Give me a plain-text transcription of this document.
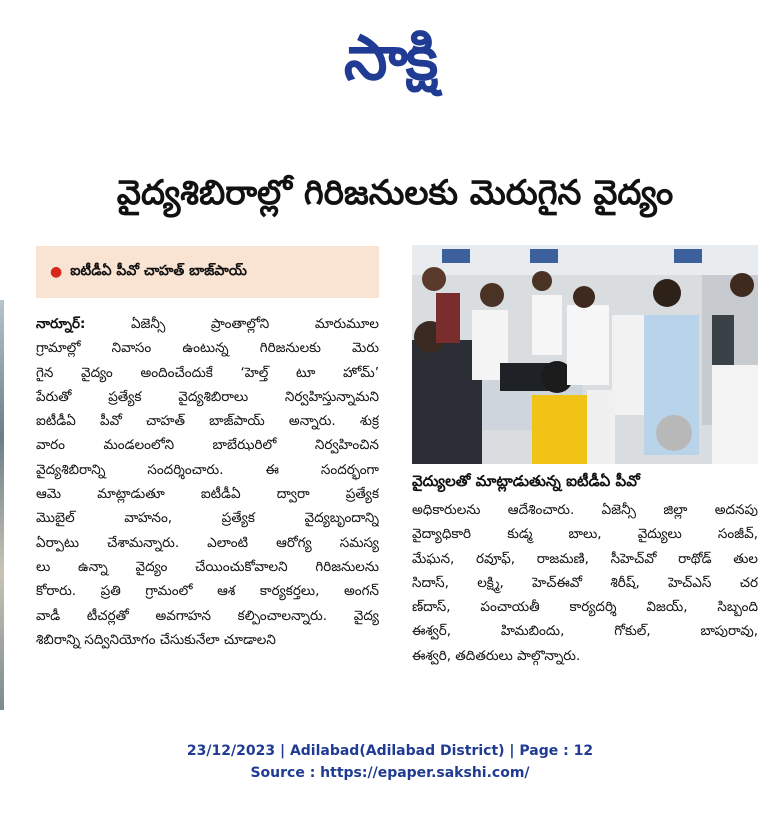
సాక్షి
వైద్యశిబిరాల్లో గిరిజనులకు మెరుగైన వైద్యం
● ఐటీడీఏ పీవో చాహత్ బాజ్‌పాయ్
నార్నూర్: ఏజెన్సీ ప్రాంతాల్లోని మారుమూల
గ్రామాల్లో నివాసం ఉంటున్న గిరిజనులకు మెరు
గైన వైద్యం అందించేందుకే ‘హెల్త్ టూ హోమ్’
పేరుతో ప్రత్యేక వైద్యశిబిరాలు నిర్వహిస్తున్నామని
ఐటీడీఏ పీవో చాహత్ బాజ్‌పాయ్ అన్నారు. శుక్ర
వారం మండలంలోని బాబేఝరిలో నిర్వహించిన
వైద్యశిబిరాన్ని సందర్శించారు. ఈ సందర్భంగా
ఆమె మాట్లాడుతూ ఐటీడీఏ ద్వారా ప్రత్యేక
మొబైల్ వాహనం, ప్రత్యేక వైద్యబృందాన్ని
ఏర్పాటు చేశామన్నారు. ఎలాంటి ఆరోగ్య సమస్య
లు ఉన్నా వైద్యం చేయించుకోవాలని గిరిజనులను
కోరారు. ప్రతి గ్రామంలో ఆశ కార్యకర్తలు, అంగన్
వాడీ టీచర్లతో అవగాహన కల్పించాలన్నారు. వైద్య
శిబిరాన్ని సద్వినియోగం చేసుకునేలా చూడాలని
వైద్యులతో మాట్లాడుతున్న ఐటీడీఏ పీవో
అధికారులను ఆదేశించారు. ఏజెన్సీ జిల్లా అదనపు
వైద్యాధికారి కుడ్మ బాలు, వైద్యులు సంజీవ్,
మేఘన, రవూఫ్, రాజమణి, సీహెచ్‌వో రాథోడ్ తుల
సిదాస్, లక్ష్మి, హెచ్‌ఈవో శిరీష్, హెచ్‌ఎస్ చర
ణ్‌దాస్, పంచాయతీ కార్యదర్శి విజయ్, సిబ్బంది
ఈశ్వర్, హిమబిందు, గోకుల్, బాపురావు,
ఈశ్వరి, తదితరులు పాల్గొన్నారు.
23/12/2023 | Adilabad(Adilabad District) | Page : 12
Source : https://epaper.sakshi.com/
